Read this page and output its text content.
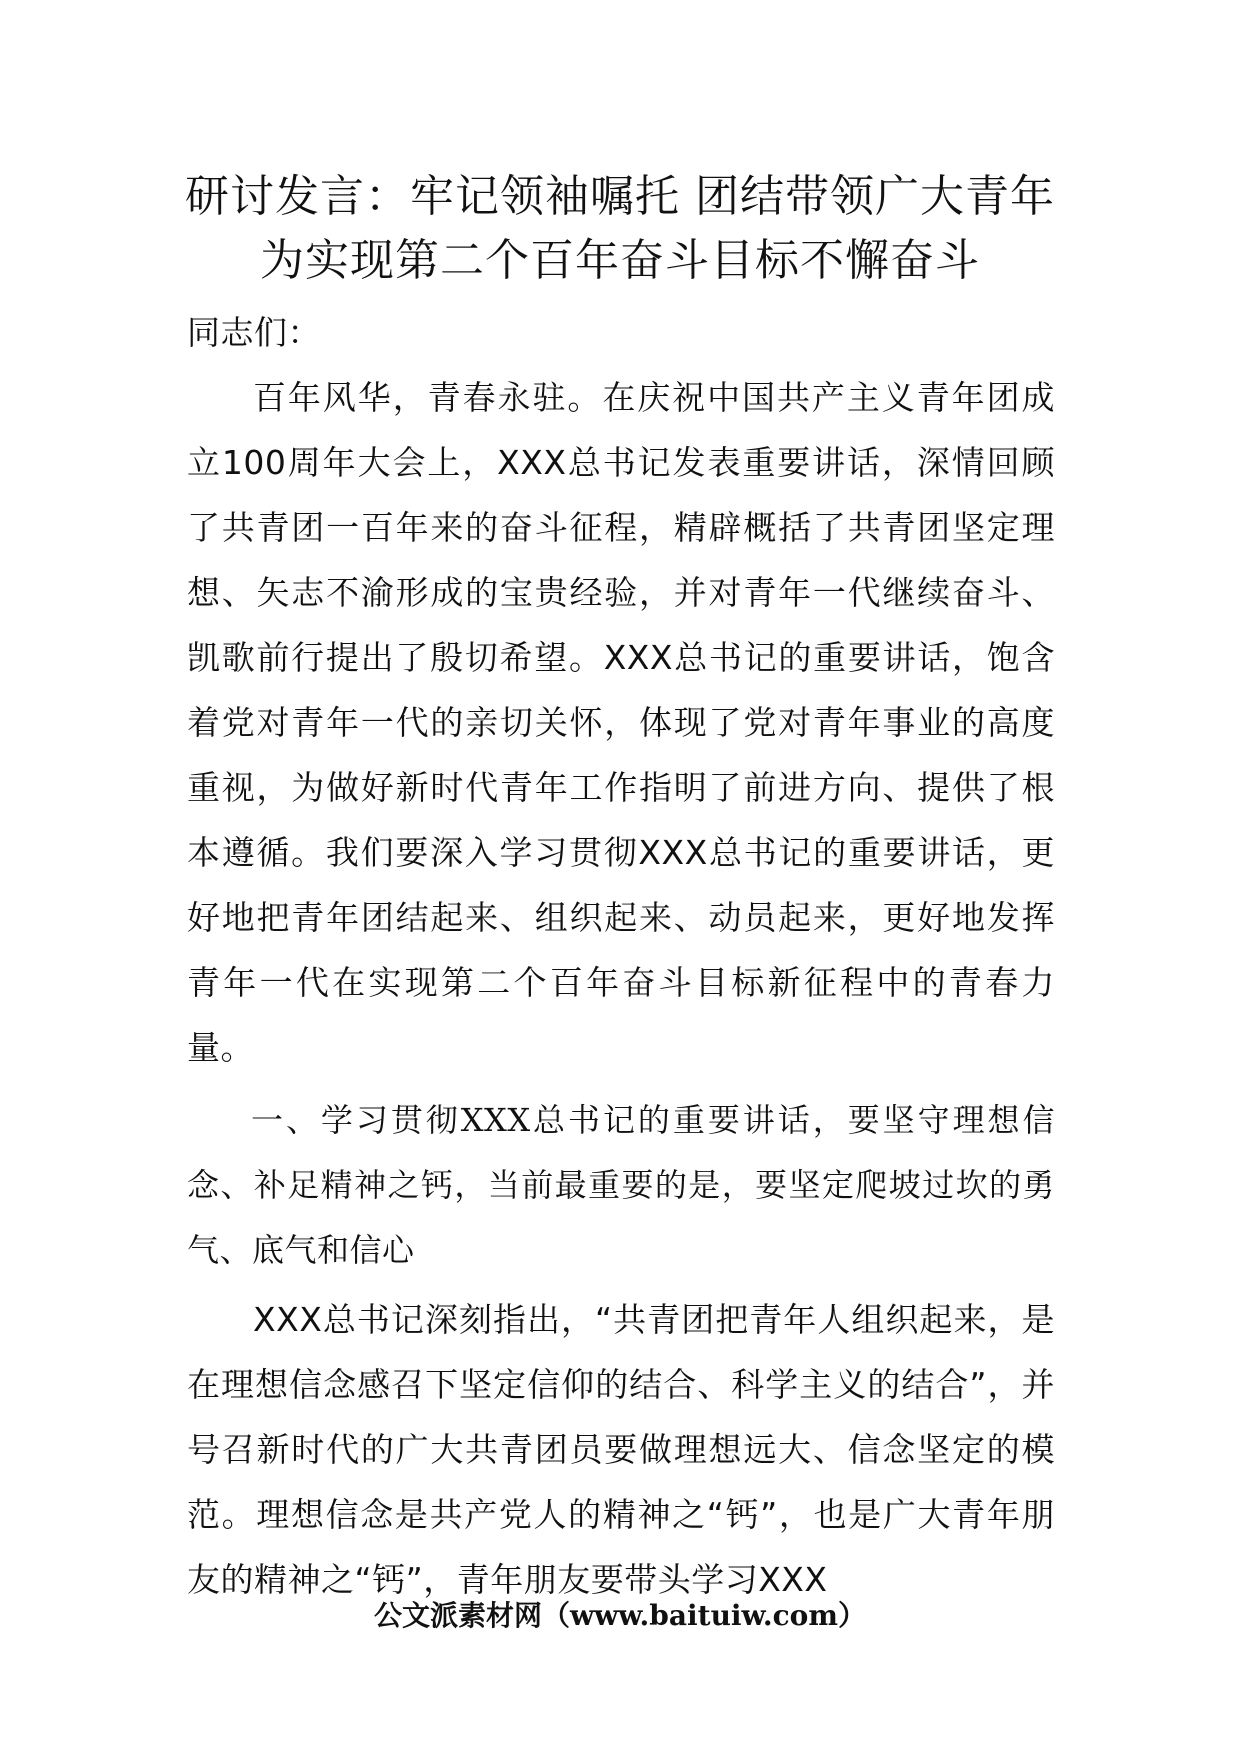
研讨发言：牢记领袖嘱托 团结带领广大青年为实现第二个百年奋斗目标不懈奋斗

同志们：

百年风华，青春永驻。在庆祝中国共产主义青年团成立100周年大会上，XXX总书记发表重要讲话，深情回顾了共青团一百年来的奋斗征程，精辟概括了共青团坚定理想、矢志不渝形成的宝贵经验，并对青年一代继续奋斗、凯歌前行提出了殷切希望。XXX总书记的重要讲话，饱含着党对青年一代的亲切关怀，体现了党对青年事业的高度重视，为做好新时代青年工作指明了前进方向、提供了根本遵循。我们要深入学习贯彻XXX总书记的重要讲话，更好地把青年团结起来、组织起来、动员起来，更好地发挥青年一代在实现第二个百年奋斗目标新征程中的青春力量。

一、学习贯彻XXX总书记的重要讲话，要坚守理想信念、补足精神之钙，当前最重要的是，要坚定爬坡过坎的勇气、底气和信心

XXX总书记深刻指出，“共青团把青年人组织起来，是在理想信念感召下坚定信仰的结合、科学主义的结合”，并号召新时代的广大共青团员要做理想远大、信念坚定的模范。理想信念是共产党人的精神之“钙”，也是广大青年朋友的精神之“钙”，青年朋友要带头学习XXX

公文派素材网（www.baituiw.com）
